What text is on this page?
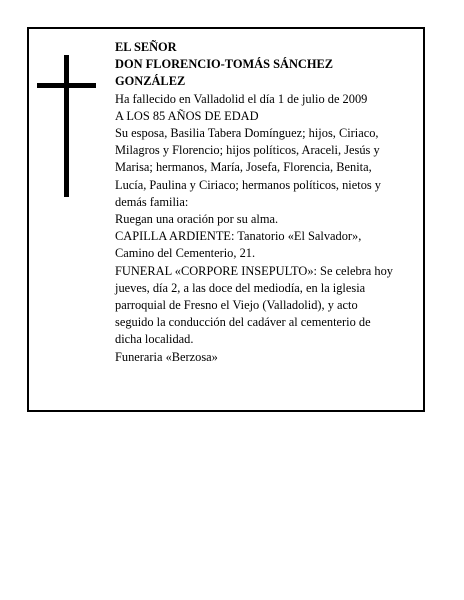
EL SEÑOR

DON FLORENCIO-TOMÁS SÁNCHEZ GONZÁLEZ

Ha fallecido en Valladolid el día 1 de julio de 2009

A LOS 85 AÑOS DE EDAD

Su esposa, Basilia Tabera Domínguez; hijos, Ciriaco, Milagros y Florencio; hijos políticos, Araceli, Jesús y Marisa; hermanos, María, Josefa, Florencia, Benita, Lucía, Paulina y Ciriaco; hermanos políticos, nietos y demás familia:

Ruegan una oración por su alma.

CAPILLA ARDIENTE: Tanatorio «El Salvador», Camino del Cementerio, 21.

FUNERAL «CORPORE INSEPULTO»: Se celebra hoy jueves, día 2, a las doce del mediodía, en la iglesia parroquial de Fresno el Viejo (Valladolid), y acto seguido la conducción del cadáver al cementerio de dicha localidad.

Funeraria «Berzosa»
